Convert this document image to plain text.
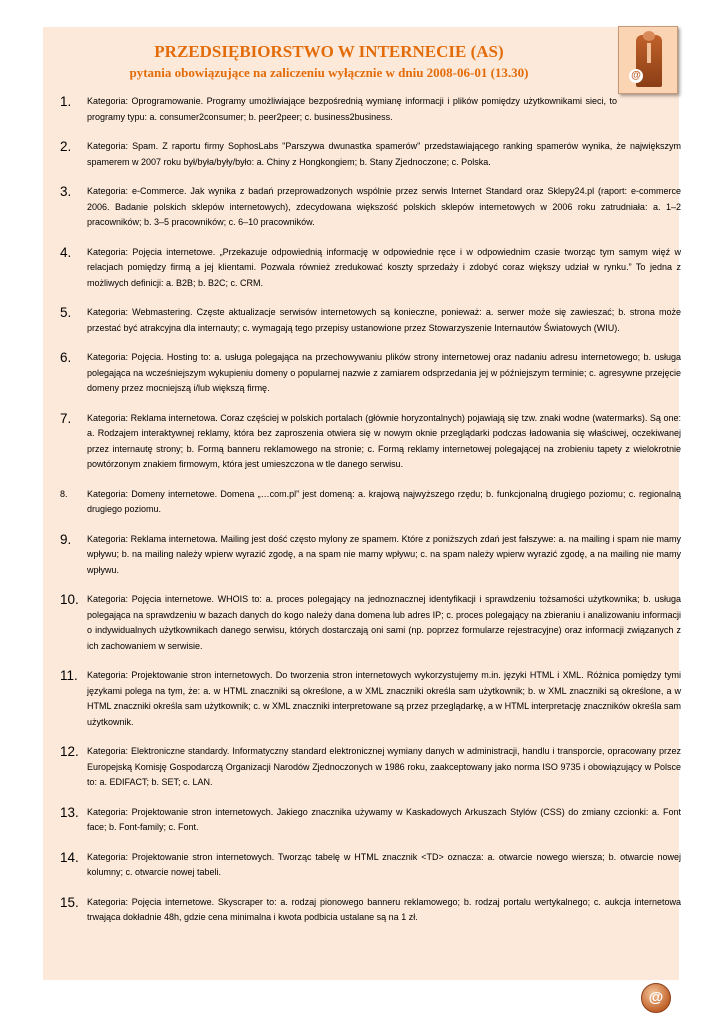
@
PRZEDSIĘBIORSTWO W INTERNECIE (AS)
pytania obowiązujące na zaliczeniu wyłącznie w dniu 2008-06-01 (13.30)
1.	Kategoria: Oprogramowanie. Programy umożliwiające bezpośrednią wymianę informacji i plików pomiędzy użytkownikami sieci, to programy typu: a. consumer2consumer; b. peer2peer; c. business2business.
2.	Kategoria: Spam. Z raportu firmy SophosLabs "Parszywa dwunastka spamerów" przedstawiającego ranking spamerów wynika, że największym spamerem w 2007 roku był/była/były/było: a. Chiny z Hongkongiem; b. Stany Zjednoczone; c. Polska.
3.	Kategoria: e-Commerce. Jak wynika z badań przeprowadzonych wspólnie przez serwis Internet Standard oraz Sklepy24.pl (raport: e-commerce 2006. Badanie polskich sklepów internetowych), zdecydowana większość polskich sklepów internetowych w 2006 roku zatrudniała: a. 1–2 pracowników; b. 3–5 pracowników; c. 6–10 pracowników.
4.	Kategoria: Pojęcia internetowe. „Przekazuje odpowiednią informację w odpowiednie ręce i w odpowiednim czasie tworząc tym samym więź w relacjach pomiędzy firmą a jej klientami. Pozwala również zredukować koszty sprzedaży i zdobyć coraz większy udział w rynku.” To jedna z możliwych definicji: a. B2B; b. B2C; c. CRM.
5.	Kategoria: Webmastering. Częste aktualizacje serwisów internetowych są konieczne, ponieważ: a. serwer może się zawieszać; b. strona może przestać być atrakcyjna dla internauty; c. wymagają tego przepisy ustanowione przez Stowarzyszenie Internautów Światowych (WIU).
6.	Kategoria: Pojęcia. Hosting to: a. usługa polegająca na przechowywaniu plików strony internetowej oraz nadaniu adresu internetowego; b. usługa polegająca na wcześniejszym wykupieniu domeny o popularnej nazwie z zamiarem odsprzedania jej w późniejszym terminie; c. agresywne przejęcie domeny przez mocniejszą i/lub większą firmę.
7.	Kategoria: Reklama internetowa. Coraz częściej w polskich portalach (głównie horyzontalnych) pojawiają się tzw. znaki wodne (watermarks). Są one: a. Rodzajem interaktywnej reklamy, która bez zaproszenia otwiera się w nowym oknie przeglądarki podczas ładowania się właściwej, oczekiwanej przez internautę strony; b. Formą banneru reklamowego na stronie; c. Formą reklamy internetowej polegającej na zrobieniu tapety z wielokrotnie powtórzonym znakiem firmowym, która jest umieszczona w tle danego serwisu.
8.	Kategoria: Domeny internetowe. Domena „…com.pl” jest domeną: a. krajową najwyższego rzędu; b. funkcjonalną drugiego poziomu; c. regionalną drugiego poziomu.
9.	Kategoria: Reklama internetowa. Mailing jest dość często mylony ze spamem. Które z poniższych zdań jest fałszywe: a. na mailing i spam nie mamy wpływu; b. na mailing należy wpierw wyrazić zgodę, a na spam nie mamy wpływu; c. na spam należy wpierw wyrazić zgodę, a na mailing nie mamy wpływu.
10. Kategoria: Pojęcia internetowe. WHOIS to: a. proces polegający na jednoznacznej identyfikacji i sprawdzeniu tożsamości użytkownika; b. usługa polegająca na sprawdzeniu w bazach danych do kogo należy dana domena lub adres IP; c. proces polegający na zbieraniu i analizowaniu informacji o indywidualnych użytkownikach danego serwisu, których dostarczają oni sami (np. poprzez formularze rejestracyjne) oraz informacji związanych z ich zachowaniem w serwisie.
11.	Kategoria: Projektowanie stron internetowych. Do tworzenia stron internetowych wykorzystujemy m.in. języki HTML i XML. Różnica pomiędzy tymi językami polega na tym, że: a. w HTML znaczniki są określone, a w XML znaczniki określa sam użytkownik; b. w XML znaczniki są określone, a w HTML znaczniki określa sam użytkownik; c. w XML znaczniki interpretowane są przez przeglądarkę, a w HTML interpretację znaczników określa sam użytkownik.
12. Kategoria: Elektroniczne standardy. Informatyczny standard elektronicznej wymiany danych w administracji, handlu i transporcie, opracowany przez Europejską Komisję Gospodarczą Organizacji Narodów Zjednoczonych w 1986 roku, zaakceptowany jako norma ISO 9735 i obowiązujący w Polsce to: a. EDIFACT; b. SET; c. LAN.
13. Kategoria: Projektowanie stron internetowych. Jakiego znacznika używamy w Kaskadowych Arkuszach Stylów (CSS) do zmiany czcionki: a. Font face; b. Font-family; c. Font.
14. Kategoria: Projektowanie stron internetowych. Tworząc tabelę w HTML znacznik <TD> oznacza: a. otwarcie nowego wiersza; b. otwarcie nowej kolumny; c. otwarcie nowej tabeli.
15. Kategoria: Pojęcia internetowe. Skyscraper to: a. rodzaj pionowego banneru reklamowego; b. rodzaj portalu wertykalnego; c. aukcja internetowa trwająca dokładnie 48h, gdzie cena minimalna i kwota podbicia ustalane są na 1 zł.
@
